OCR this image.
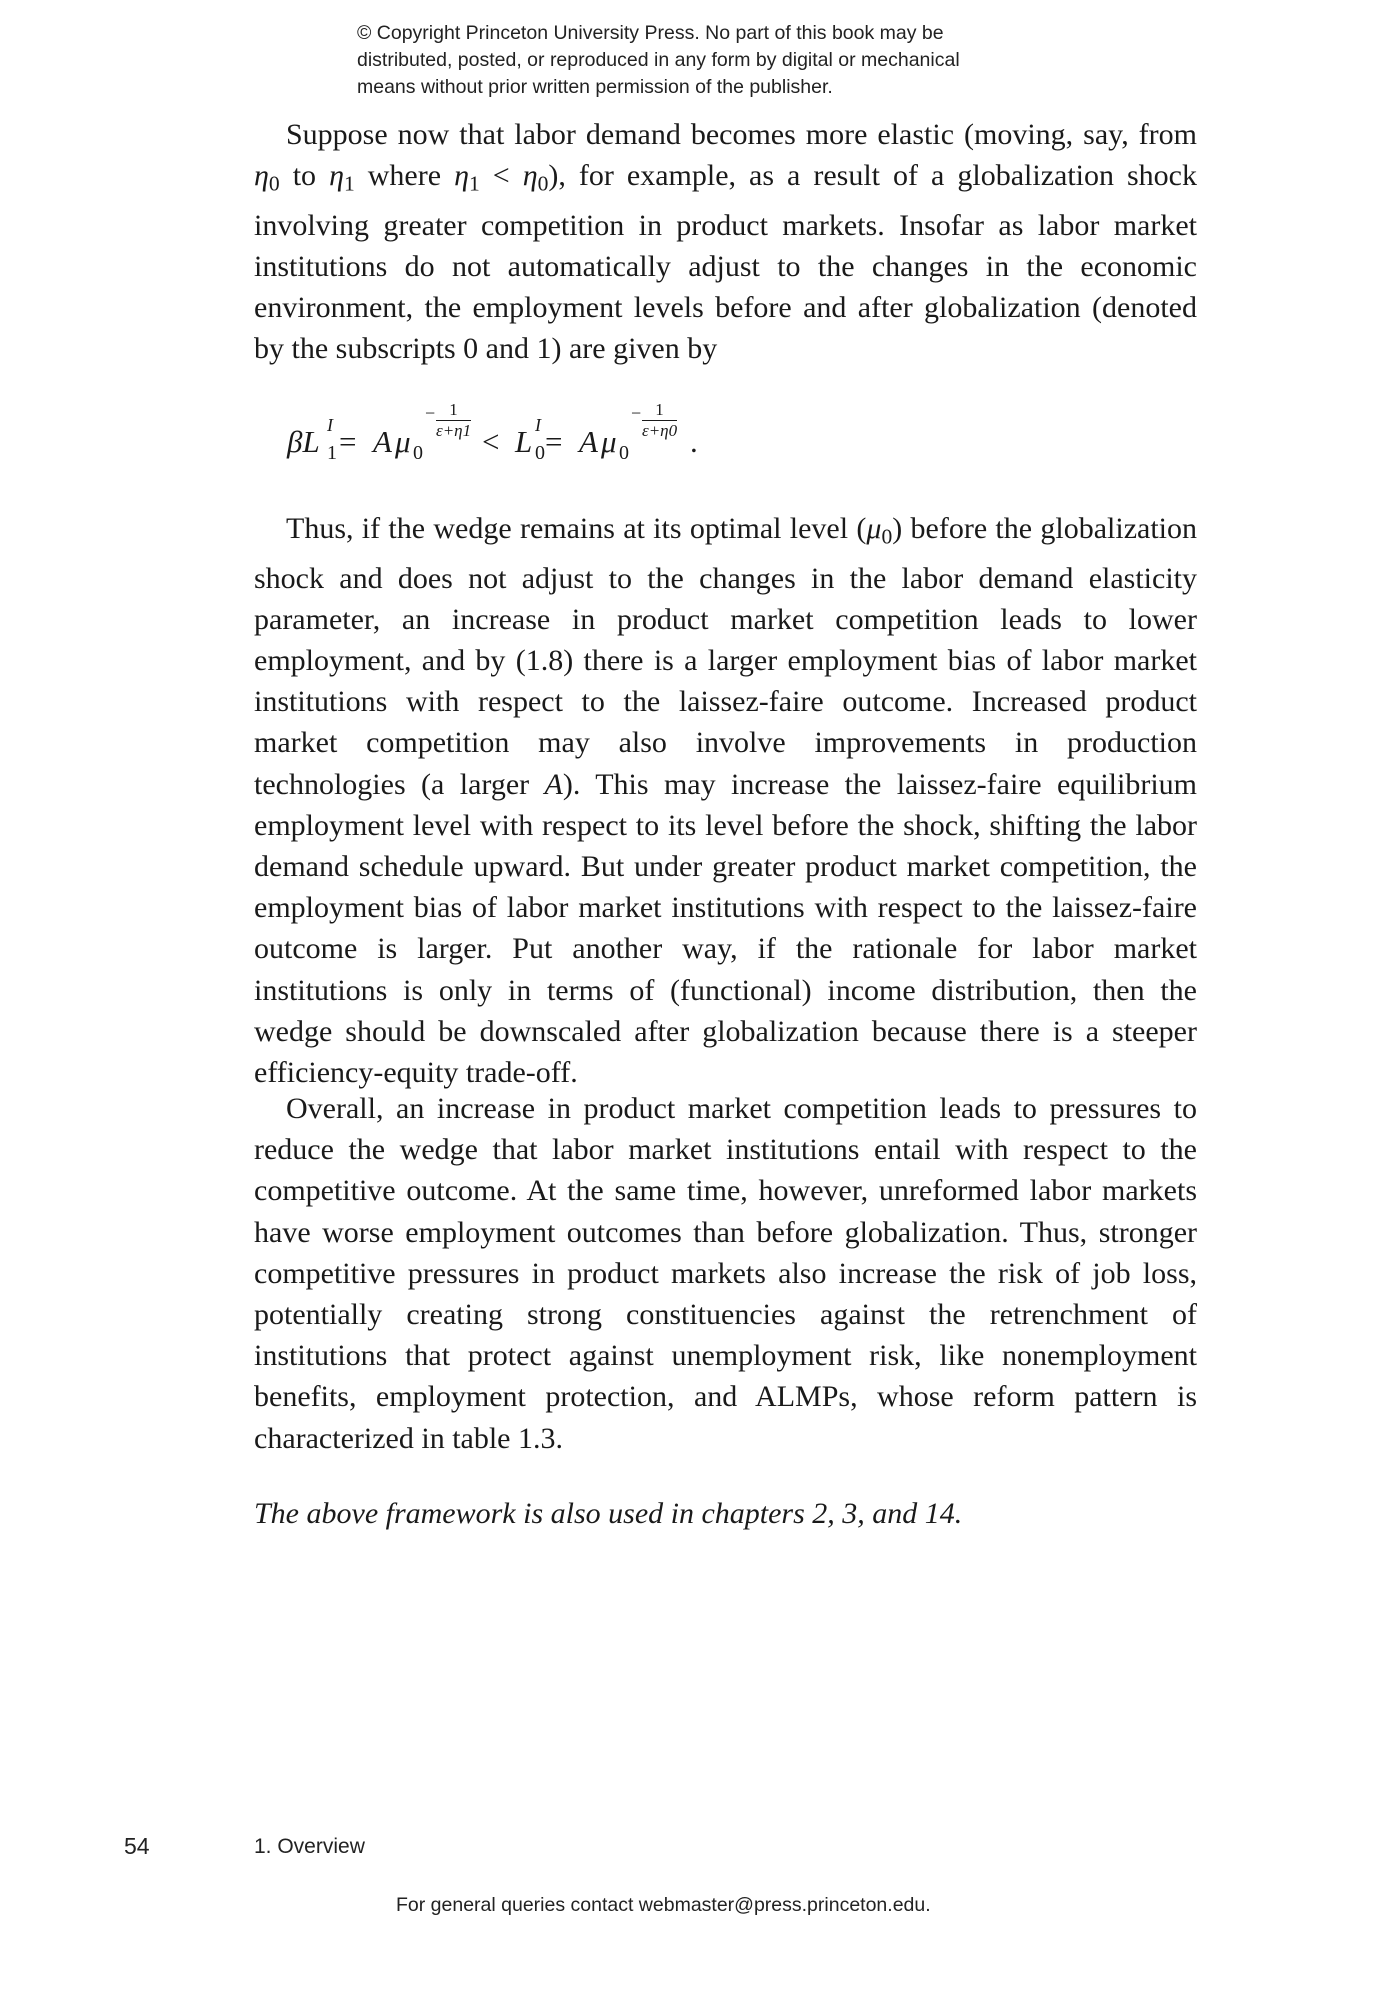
© Copyright Princeton University Press. No part of this book may be
distributed, posted, or reproduced in any form by digital or mechanical
means without prior written permission of the publisher.

Suppose now that labor demand becomes more elastic (moving, say, from $\eta_0$ to $\eta_1$ where $\eta_1 < \eta_0$), for example, as a result of a globalization shock involving greater competition in product markets. Insofar as labor market institutions do not automatically adjust to the changes in the economic environment, the employment levels before and after globalization (denoted by the subscripts 0 and 1) are given by

βL I
1 = A μ 0
− $\frac{1}{\varepsilon+\eta 1}$
< L I
0 = A μ 0
− $\frac{1}{\varepsilon+\eta 0}$
.

Thus, if the wedge remains at its optimal level $(\mu_0)$ before the globalization shock and does not adjust to the changes in the labor demand elasticity parameter, an increase in product market competition leads to lower employment, and by (1.8) there is a larger employment bias of labor market institutions with respect to the laissez-faire outcome. Increased product market competition may also involve improvements in production technologies (a larger A). This may increase the laissez-faire equilibrium employment level with respect to its level before the shock, shifting the labor demand schedule upward. But under greater product market competition, the employment bias of labor market institutions with respect to the laissez-faire outcome is larger. Put another way, if the rationale for labor market institutions is only in terms of (functional) income distribution, then the wedge should be downscaled after globalization because there is a steeper efficiency-equity trade-off.

Overall, an increase in product market competition leads to pressures to reduce the wedge that labor market institutions entail with respect to the competitive outcome. At the same time, however, unreformed labor markets have worse employment outcomes than before globalization. Thus, stronger competitive pressures in product markets also increase the risk of job loss, potentially creating strong constituencies against the retrenchment of institutions that protect against unemployment risk, like nonemployment benefits, employment protection, and ALMPs, whose reform pattern is characterized in table 1.3.

The above framework is also used in chapters 2, 3, and 14.
54	1. Overview
For general queries contact webmaster@press.princeton.edu.
